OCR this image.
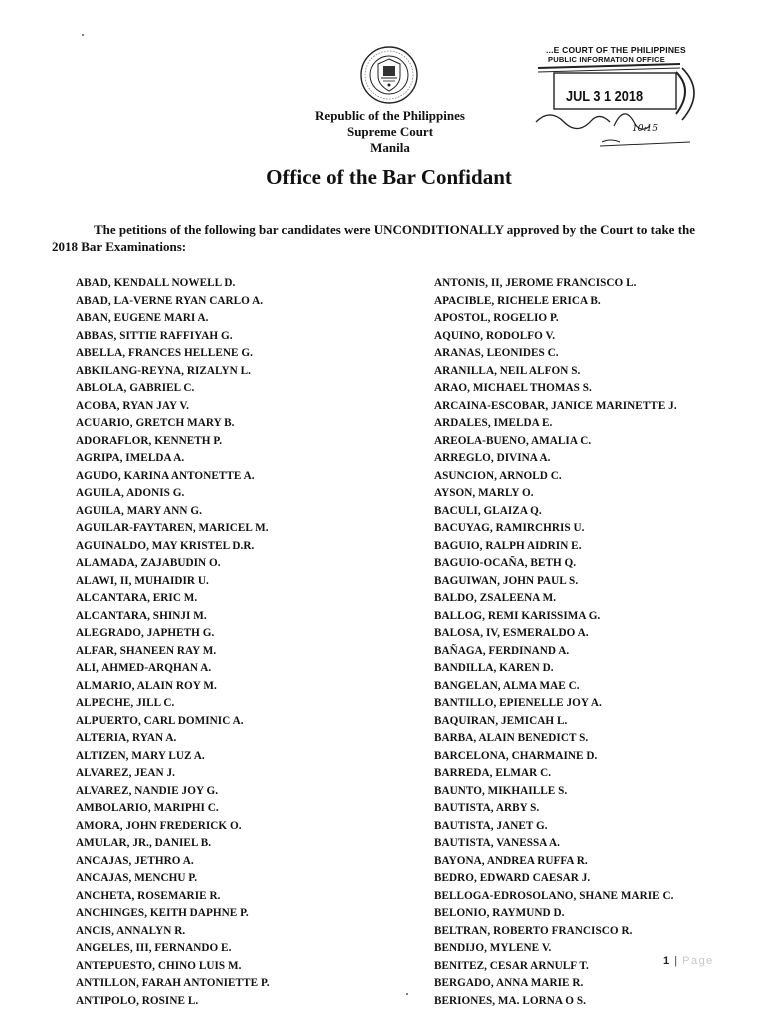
...E COURT OF THE PHILIPPINES
PUBLIC INFORMATION OFFICE
JUL 3 1 2018
10:15
Republic of the Philippines
Supreme Court
Manila
Office of the Bar Confidant
The petitions of the following bar candidates were UNCONDITIONALLY approved by the Court to take the 2018 Bar Examinations:
ABAD, KENDALL NOWELL D.
ABAD, LA-VERNE RYAN CARLO A.
ABAN, EUGENE MARI A.
ABBAS, SITTIE RAFFIYAH G.
ABELLA, FRANCES HELLENE G.
ABKILANG-REYNA, RIZALYN L.
ABLOLA, GABRIEL C.
ACOBA, RYAN JAY V.
ACUARIO, GRETCH MARY B.
ADORAFLOR, KENNETH P.
AGRIPA, IMELDA A.
AGUDO, KARINA ANTONETTE A.
AGUILA, ADONIS G.
AGUILA, MARY ANN G.
AGUILAR-FAYTAREN, MARICEL M.
AGUINALDO, MAY KRISTEL D.R.
ALAMADA, ZAJABUDIN O.
ALAWI, II, MUHAIDIR U.
ALCANTARA, ERIC M.
ALCANTARA, SHINJI M.
ALEGRADO, JAPHETH G.
ALFAR, SHANEEN RAY M.
ALI, AHMED-ARQHAN A.
ALMARIO, ALAIN ROY M.
ALPECHE, JILL C.
ALPUERTO, CARL DOMINIC A.
ALTERIA, RYAN A.
ALTIZEN, MARY LUZ A.
ALVAREZ, JEAN J.
ALVAREZ, NANDIE JOY G.
AMBOLARIO, MARIPHI C.
AMORA, JOHN FREDERICK O.
AMULAR, JR., DANIEL B.
ANCAJAS, JETHRO A.
ANCAJAS, MENCHU P.
ANCHETA, ROSEMARIE R.
ANCHINGES, KEITH DAPHNE P.
ANCIS, ANNALYN R.
ANGELES, III, FERNANDO E.
ANTEPUESTO, CHINO LUIS M.
ANTILLON, FARAH ANTONIETTE P.
ANTIPOLO, ROSINE L.
ANTONIS, II, JEROME FRANCISCO L.
APACIBLE, RICHELE ERICA B.
APOSTOL, ROGELIO P.
AQUINO, RODOLFO V.
ARANAS, LEONIDES C.
ARANILLA, NEIL ALFON S.
ARAO, MICHAEL THOMAS S.
ARCAINA-ESCOBAR, JANICE MARINETTE J.
ARDALES, IMELDA E.
AREOLA-BUENO, AMALIA C.
ARREGLO, DIVINA A.
ASUNCION, ARNOLD C.
AYSON, MARLY O.
BACULI, GLAIZA Q.
BACUYAG, RAMIRCHRIS U.
BAGUIO, RALPH AIDRIN E.
BAGUIO-OCAÑA, BETH Q.
BAGUIWAN, JOHN PAUL S.
BALDO, ZSALEENA M.
BALLOG, REMI KARISSIMA G.
BALOSA, IV, ESMERALDO A.
BAÑAGA, FERDINAND A.
BANDILLA, KAREN D.
BANGELAN, ALMA MAE C.
BANTILLO, EPIENELLE JOY A.
BAQUIRAN, JEMICAH L.
BARBA, ALAIN BENEDICT S.
BARCELONA, CHARMAINE D.
BARREDA, ELMAR C.
BAUNTO, MIKHAILLE S.
BAUTISTA, ARBY S.
BAUTISTA, JANET G.
BAUTISTA, VANESSA A.
BAYONA, ANDREA RUFFA R.
BEDRO, EDWARD CAESAR J.
BELLOGA-EDROSOLANO, SHANE MARIE C.
BELONIO, RAYMUND D.
BELTRAN, ROBERTO FRANCISCO R.
BENDIJO, MYLENE V.
BENITEZ, CESAR ARNULF T.
BERGADO, ANNA MARIE R.
BERIONES, MA. LORNA O S.
1 | Page
